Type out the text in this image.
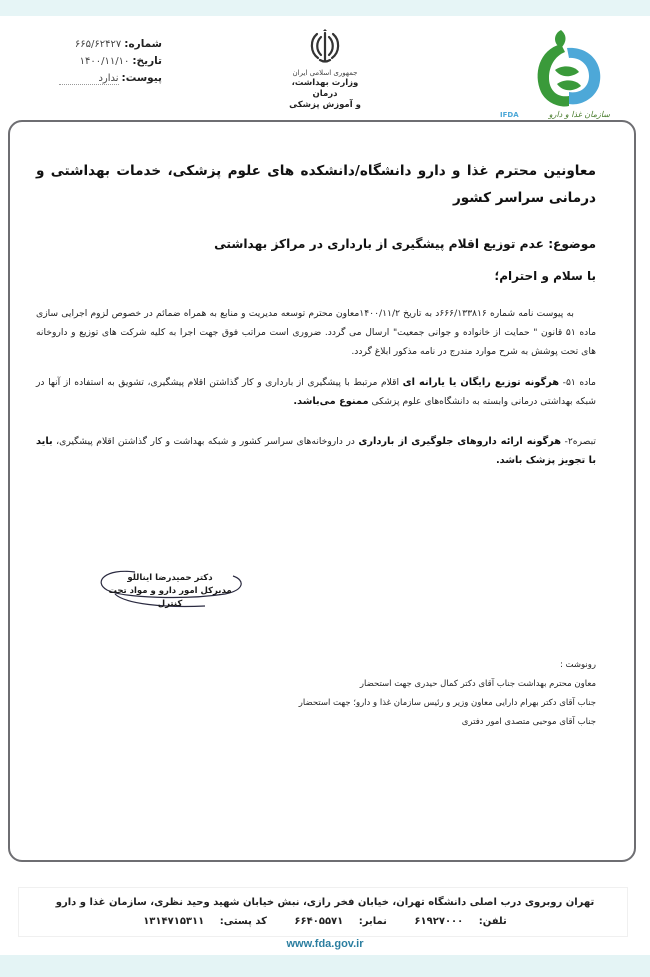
شماره:
۶۶۵/۶۲۴۲۷
تاریخ:
۱۴۰۰/۱۱/۱۰
پیوست:
ندارد	جمهوری اسلامی ایران
وزارت بهداشت، درمان
و آموزش پزشکی
سازمان غذا و دارو
IFDA
معاونین محترم غذا و دارو دانشگاه/دانشکده های علوم پزشکی، خدمات بهداشتی و درمانی سراسر کشور
موضوع: عدم توزیع اقلام پیشگیری از بارداری در مراکز بهداشتی
با سلام و احترام؛
به پیوست نامه شماره ۶۶۶/۱۳۳۸۱۶د به تاریخ ۱۴۰۰/۱۱/۲معاون محترم توسعه مدیریت و منابع به همراه ضمائم در خصوص لزوم اجرایی سازی ماده ۵۱ قانون " حمایت از خانواده و جوانی جمعیت" ارسال می گردد. ضروری است مراتب فوق جهت اجرا به کلیه شرکت های توزیع و داروخانه های تحت پوشش به شرح موارد مندرج در نامه مذکور ابلاغ گردد.
ماده ۵۱- هرگونه توزیع رایگان یا یارانه ای اقلام مرتبط با پیشگیری از بارداری و کار گذاشتن اقلام پیشگیری، تشویق به استفاده از آنها در شبکه بهداشتی درمانی وابسته به دانشگاه‌های علوم پزشکی ممنوع می‌باشد.
تبصره۲- هرگونه ارائه داروهای جلوگیری از بارداری در داروخانه‌های سراسر کشور و شبکه بهداشت و کار گذاشتن اقلام پیشگیری، باید با تجویز پزشک باشد.
دکتر حمیدرضا ایناللو
مدیرکل امور دارو و مواد تحت کنترل
رونوشت :
معاون محترم بهداشت جناب آقای دکتر کمال حیدری جهت استحضار
جناب آقای دکتر بهرام دارایی معاون وزیر و رئیس سازمان غذا و دارو؛ جهت استحضار
جناب آقای موحبی متصدی امور دفتری
تهران روبروی درب اصلی دانشگاه تهران، خیابان فخر رازی، نبش خیابان شهید وحید نظری، سازمان غذا و دارو
تلفن: ۶۱۹۲۷۰۰۰ نمابر: ۶۶۴۰۵۵۷۱ کد پستی: ۱۳۱۴۷۱۵۳۱۱
www.fda.gov.ir
